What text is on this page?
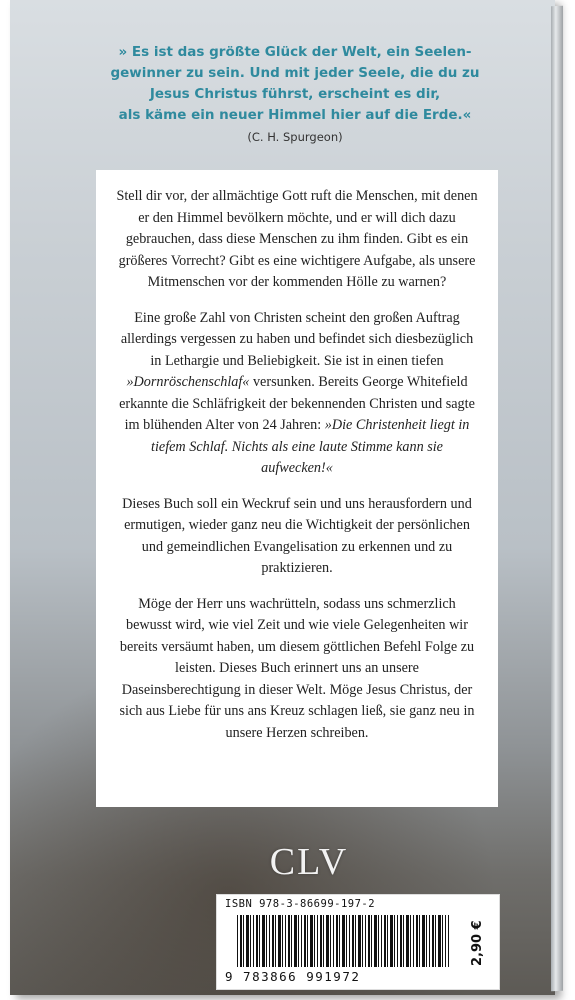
» Es ist das größte Glück der Welt, ein Seelen-
gewinner zu sein. Und mit jeder Seele, die du zu
Jesus Christus führst, erscheint es dir,
als käme ein neuer Himmel hier auf die Erde.«
(C. H. Spurgeon)

Stell dir vor, der allmächtige Gott ruft die Menschen, mit denen er den Himmel bevölkern möchte, und er will dich dazu gebrauchen, dass diese Menschen zu ihm finden. Gibt es ein größeres Vorrecht? Gibt es eine wichtigere Aufgabe, als unsere Mitmenschen vor der kommenden Hölle zu warnen?

Eine große Zahl von Christen scheint den großen Auftrag allerdings vergessen zu haben und befindet sich diesbezüglich in Lethargie und Beliebigkeit. Sie ist in einen tiefen »Dornröschenschlaf« versunken. Bereits George Whitefield erkannte die Schläfrigkeit der bekennenden Christen und sagte im blühenden Alter von 24 Jahren: »Die Christenheit liegt in tiefem Schlaf. Nichts als eine laute Stimme kann sie aufwecken!«

Dieses Buch soll ein Weckruf sein und uns herausfordern und ermutigen, wieder ganz neu die Wichtigkeit der persönlichen und gemeindlichen Evangelisation zu erkennen und zu praktizieren.

Möge der Herr uns wachrütteln, sodass uns schmerzlich bewusst wird, wie viel Zeit und wie viele Gelegenheiten wir bereits versäumt haben, um diesem göttlichen Befehl Folge zu leisten. Dieses Buch erinnert uns an unsere Daseinsberechtigung in dieser Welt. Möge Jesus Christus, der sich aus Liebe für uns ans Kreuz schlagen ließ, sie ganz neu in unsere Herzen schreiben.

CLV
ISBN 978-3-86699-197-2
9 783866 991972
2,90 €
